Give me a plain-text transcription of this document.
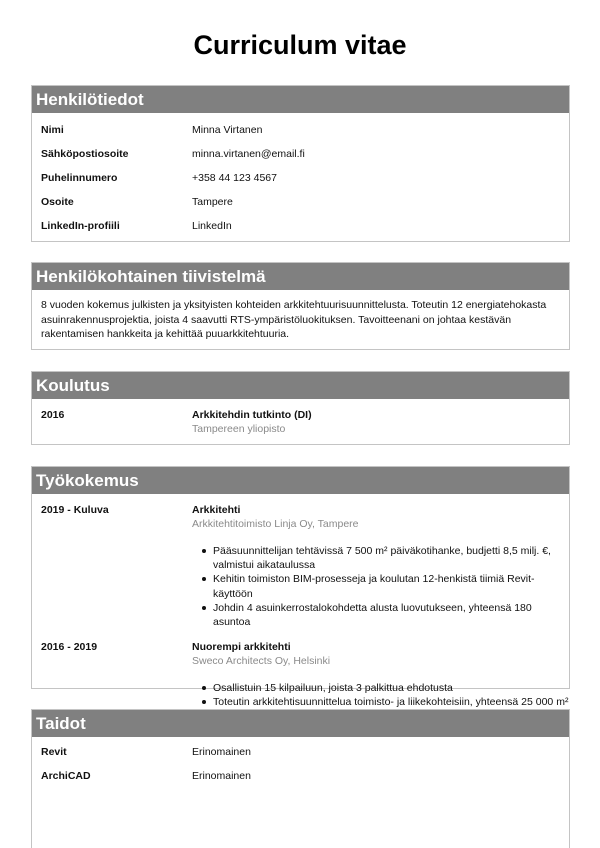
Curriculum vitae
Henkilötiedot
Nimi	Minna Virtanen
Sähköpostiosoite	minna.virtanen@email.fi
Puhelinnumero	+358 44 123 4567
Osoite	Tampere
LinkedIn-profiili	LinkedIn
Henkilökohtainen tiivistelmä
8 vuoden kokemus julkisten ja yksityisten kohteiden arkkitehtuurisuunnittelusta. Toteutin 12 energiatehokasta asuinrakennusprojektia, joista 4 saavutti RTS-ympäristöluokituksen. Tavoitteenani on johtaa kestävän rakentamisen hankkeita ja kehittää puuarkkitehtuuria.
Koulutus
2016	Arkkitehdin tutkinto (DI)
Tampereen yliopisto
Työkokemus
2019 - Kuluva	Arkkitehti
Arkkitehtitoimisto Linja Oy, Tampere
Pääsuunnittelijan tehtävissä 7 500 m² päiväkotihanke, budjetti 8,5 milj. €, valmistui aikataulussa
Kehitin toimiston BIM-prosesseja ja koulutan 12-henkistä tiimiä Revit-käyttöön
Johdin 4 asuinkerrostalokohdetta alusta luovutukseen, yhteensä 180 asuntoa
2016 - 2019	Nuorempi arkkitehti
Sweco Architects Oy, Helsinki
Osallistuin 15 kilpailuun, joista 3 palkittua ehdotusta
Toteutin arkkitehtisuunnittelua toimisto- ja liikekohteisiin, yhteensä 25 000 m²
Taidot
Revit	Erinomainen
ArchiCAD	Erinomainen
